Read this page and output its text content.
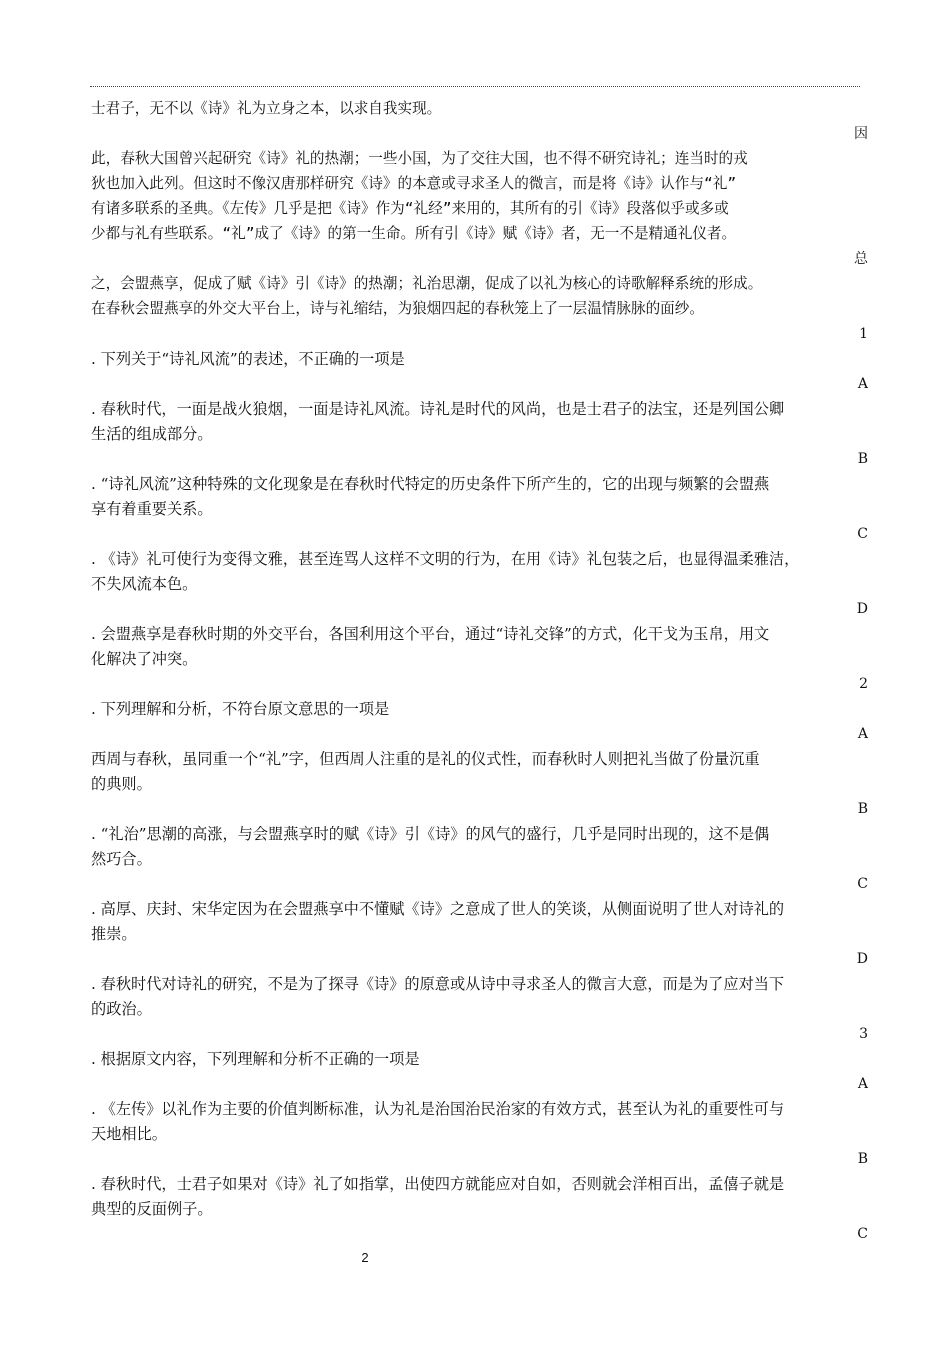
士君子，无不以《诗》礼为立身之本，以求自我实现。
因
此，春秋大国曾兴起研究《诗》礼的热潮；一些小国，为了交往大国，也不得不研究诗礼；连当时的戎
狄也加入此列。但这时不像汉唐那样研究《诗》的本意或寻求圣人的微言，而是将《诗》认作与“礼”
有诸多联系的圣典。《左传》几乎是把《诗》作为“礼经”来用的，其所有的引《诗》段落似乎或多或
少都与礼有些联系。“礼”成了《诗》的第一生命。所有引《诗》赋《诗》者，无一不是精通礼仪者。
总
之，会盟燕享，促成了赋《诗》引《诗》的热潮；礼治思潮，促成了以礼为核心的诗歌解释系统的形成。
在春秋会盟燕享的外交大平台上，诗与礼缩结，为狼烟四起的春秋笼上了一层温情脉脉的面纱。
1
. 下列关于“诗礼风流”的表述，不正确的一项是
A
. 春秋时代，一面是战火狼烟，一面是诗礼风流。诗礼是时代的风尚，也是士君子的法宝，还是列国公卿
生活的组成部分。
B
. “诗礼风流”这种特殊的文化现象是在春秋时代特定的历史条件下所产生的，它的出现与频繁的会盟燕
享有着重要关系。
C
. 《诗》礼可使行为变得文雅，甚至连骂人这样不文明的行为，在用《诗》礼包装之后，也显得温柔雅洁，
不失风流本色。
D
. 会盟燕享是春秋时期的外交平台，各国利用这个平台，通过“诗礼交锋”的方式，化干戈为玉帛，用文
化解决了冲突。
2
. 下列理解和分析，不符台原文意思的一项是
A
西周与春秋，虽同重一个“礼”字，但西周人注重的是礼的仪式性，而春秋时人则把礼当做了份量沉重
的典则。
B
. “礼治”思潮的高涨，与会盟燕享时的赋《诗》引《诗》的风气的盛行，几乎是同时出现的，这不是偶
然巧合。
C
. 高厚、庆封、宋华定因为在会盟燕享中不懂赋《诗》之意成了世人的笑谈，从侧面说明了世人对诗礼的
推崇。
D
. 春秋时代对诗礼的研究，不是为了探寻《诗》的原意或从诗中寻求圣人的微言大意，而是为了应对当下
的政治。
3
. 根据原文内容，下列理解和分析不正确的一项是
A
. 《左传》以礼作为主要的价值判断标准，认为礼是治国治民治家的有效方式，甚至认为礼的重要性可与
天地相比。
B
. 春秋时代，士君子如果对《诗》礼了如指掌，出使四方就能应对自如，否则就会洋相百出，孟僖子就是
典型的反面例子。
C
2
